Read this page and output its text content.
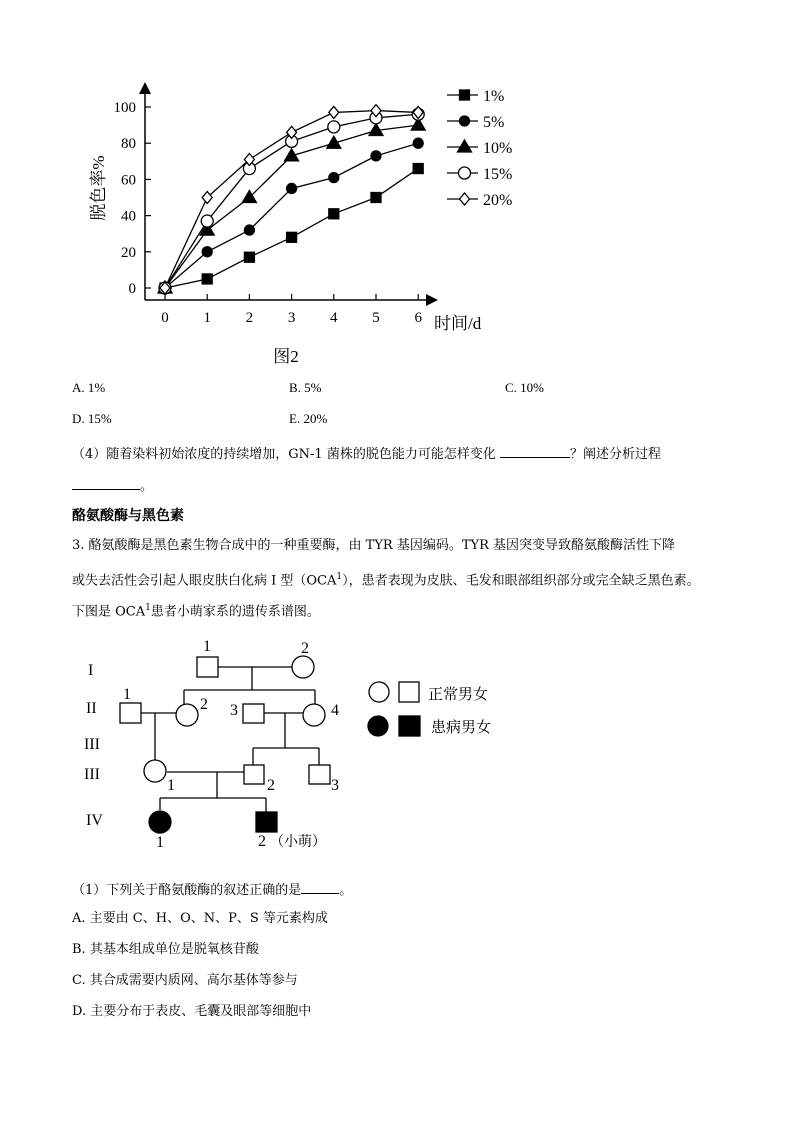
脱色率%
时间/d
图2
0
20
40
60
80
100
0 1 2 3 4 5 6
1%
5%
10%
15%
20%
A. 1%	B. 5%	C. 10%
D. 15%	E. 20%
（4）随着染料初始浓度的持续增加，GN-1 菌株的脱色能力可能怎样变化	？阐述分析过程
。
酪氨酸酶与黑色素
3. 酪氨酸酶是黑色素生物合成中的一种重要酶，由 TYR 基因编码。TYR 基因突变导致酪氨酸酶活性下降
或失去活性会引起人眼皮肤白化病 I 型（OCA$^1$），患者表现为皮肤、毛发和眼部组织部分或完全缺乏黑色素。
下图是 OCA$^1$患者小萌家系的遗传系谱图。
I
II
III
III
IV
1	2
1
2 3	4
1	2	3
1	2 （小萌）
正常男女
患病男女
（1）下列关于酪氨酸酶的叙述正确的是	。
A. 主要由 C、H、O、N、P、S 等元素构成
B. 其基本组成单位是脱氧核苷酸
C. 其合成需要内质网、高尔基体等参与
D. 主要分布于表皮、毛囊及眼部等细胞中
